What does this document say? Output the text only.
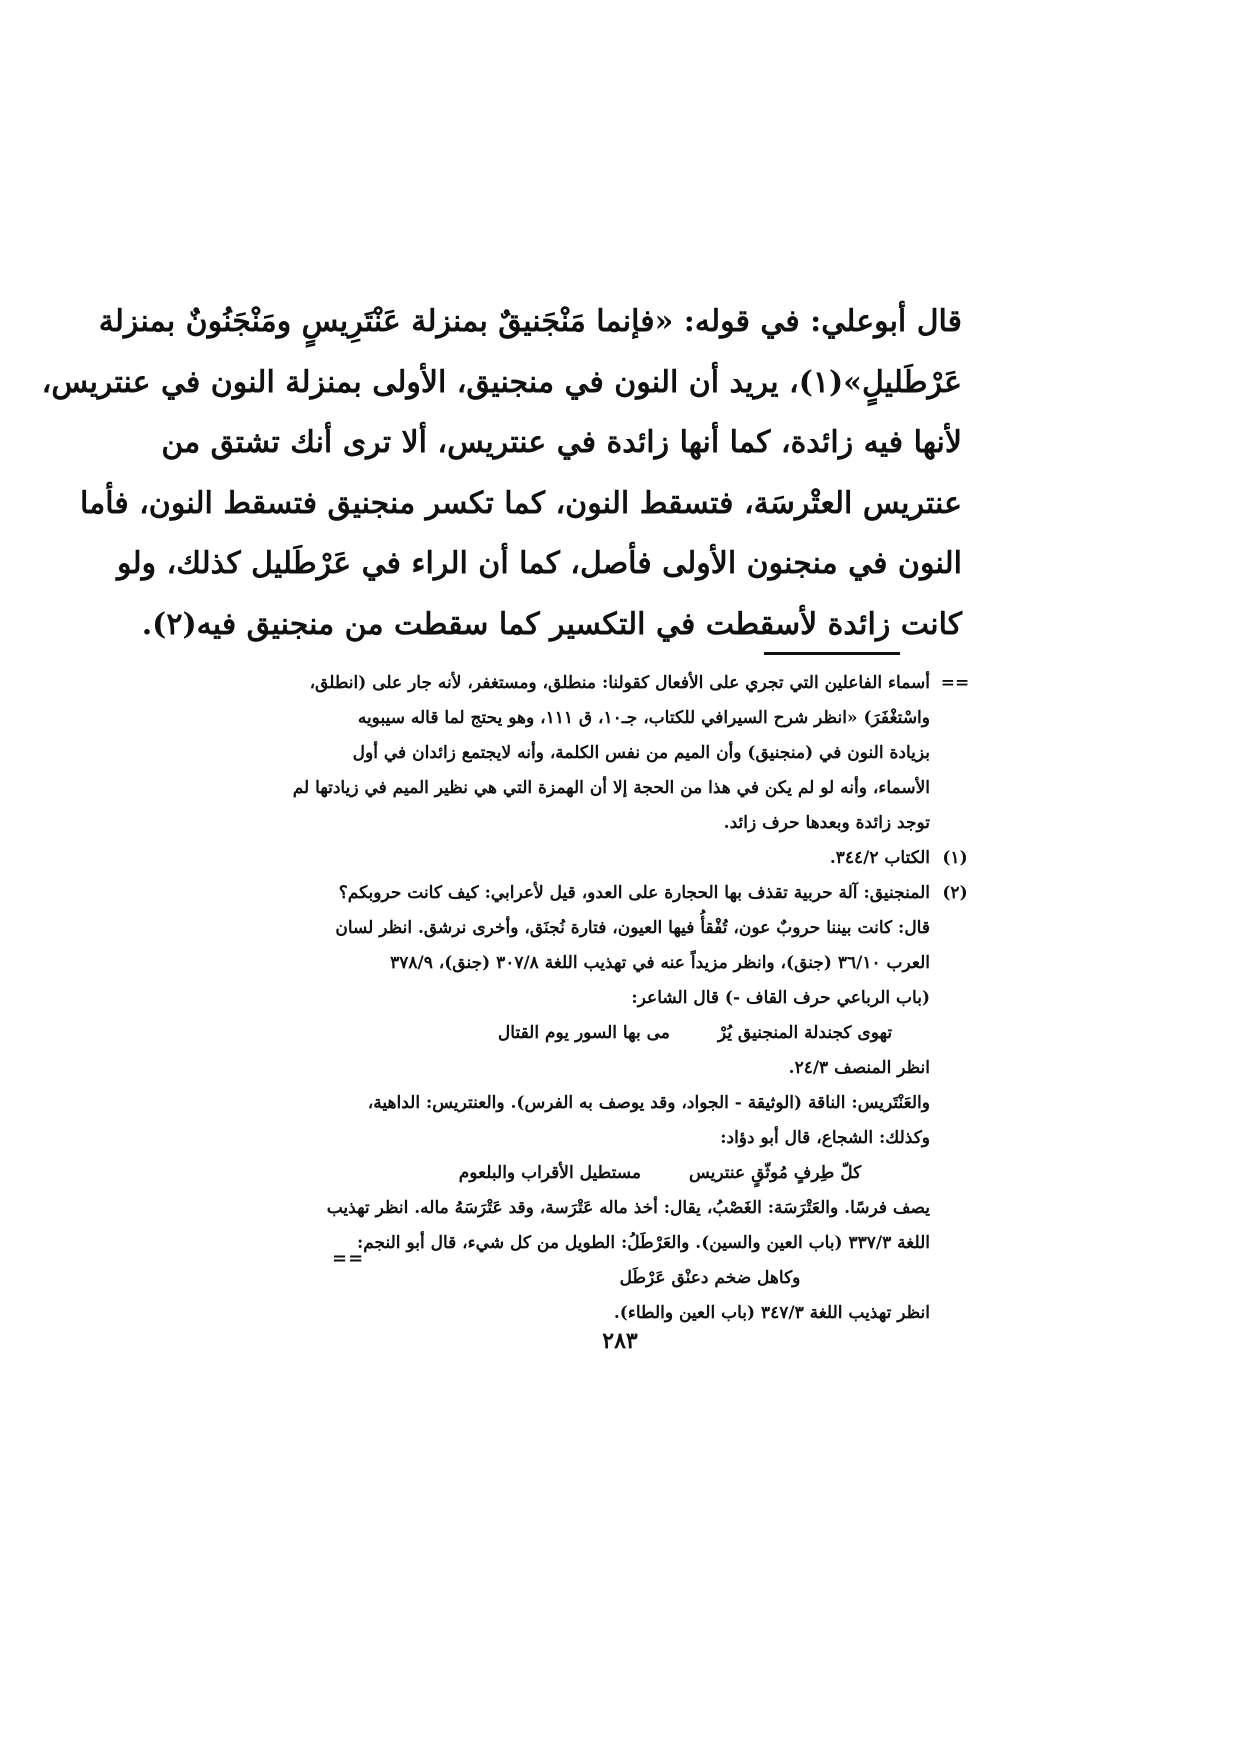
قال أبوعلي: في قوله: «فإنما مَنْجَنيقٌ بمنزلة عَنْتَرِيسٍ ومَنْجَنُونٌ بمنزلة
عَرْطَليلٍ»(١)، يريد أن النون في منجنيق، الأولى بمنزلة النون في عنتريس،
لأنها فيه زائدة، كما أنها زائدة في عنتريس، ألا ترى أنك تشتق من
عنتريس العتْرسَة، فتسقط النون، كما تكسر منجنيق فتسقط النون، فأما
النون في منجنون الأولى فأصل، كما أن الراء في عَرْطَليل كذلك، ولو
كانت زائدة لأسقطت في التكسير كما سقطت من منجنيق فيه(٢).
==
أسماء الفاعلين التي تجري على الأفعال كقولنا: منطلق، ومستغفر، لأنه جار على (انطلق،
واسْتغْفَرَ) «انظر شرح السيرافي للكتاب، جـ١٠، ق ١١١، وهو يحتج لما قاله سيبويه
بزيادة النون في (منجنيق) وأن الميم من نفس الكلمة، وأنه لايجتمع زائدان في أول
الأسماء، وأنه لو لم يكن في هذا من الحجة إلا أن الهمزة التي هي نظير الميم في زيادتها لم
توجد زائدة وبعدها حرف زائد.
(١)
الكتاب ٣٤٤/٢.
(٢)
المنجنيق: آلة حربية تقذف بها الحجارة على العدو، قيل لأعرابي: كيف كانت حروبكم؟
قال: كانت بيننا حروبٌ عون، تُفْقأُ فيها العيون، فتارة نُجنَق، وأخرى نرشق. انظر لسان
العرب ٣٦/١٠ (جنق)، وانظر مزيداً عنه في تهذيب اللغة ٣٠٧/٨ (جنق)، ٣٧٨/٩
(باب الرباعي حرف القاف -) قال الشاعر:
تهوى كجندلة المنجنيق يُرْ
مى بها السور يوم القتال
انظر المنصف ٢٤/٣.
والعَنْتَريس: الناقة (الوثيقة - الجواد، وقد يوصف به الفرس). والعنتريس: الداهية،
وكذلك: الشجاع، قال أبو دؤاد:
كلّ طِرفٍ مُوثّقٍ عنتريس
مستطيل الأقراب والبلعوم
يصف فرسًا. والعَتْرَسَة: الغَصْبُ، يقال: أخذ ماله عَتْرَسة، وقد عَتْرَسَهُ ماله. انظر تهذيب
اللغة ٣٣٧/٣ (باب العين والسين). والعَرْطَلُ: الطويل من كل شيء، قال أبو النجم:
وكاهل ضخم دعنْق عَرْطَل
انظر تهذيب اللغة ٣٤٧/٣ (باب العين والطاء).
==
٢٨٣
